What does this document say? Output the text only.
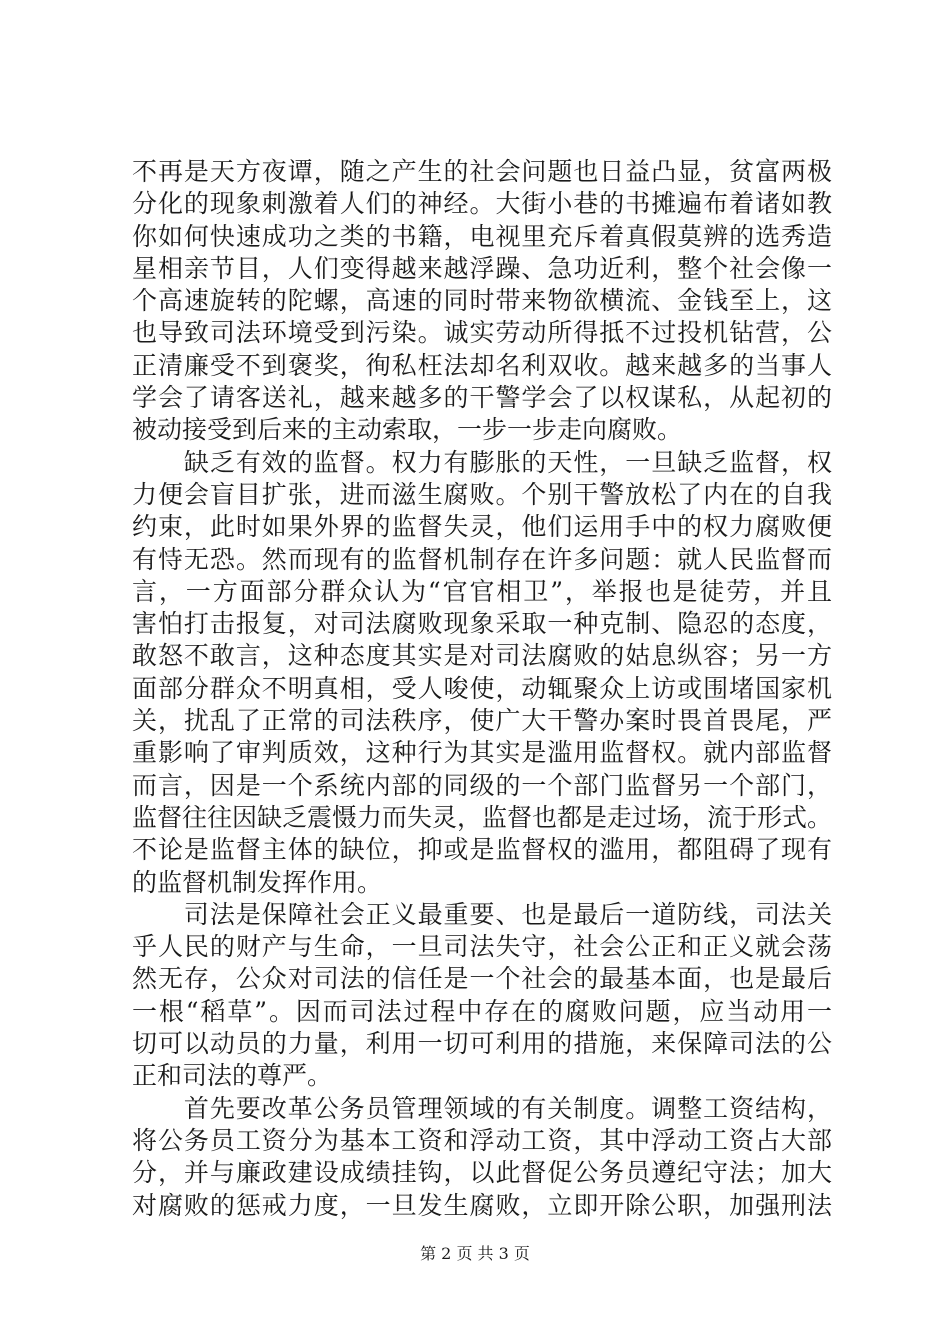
不再是天方夜谭，随之产生的社会问题也日益凸显，贫富两极
分化的现象刺激着人们的神经。大街小巷的书摊遍布着诸如教
你如何快速成功之类的书籍，电视里充斥着真假莫辨的选秀造
星相亲节目，人们变得越来越浮躁、急功近利，整个社会像一
个高速旋转的陀螺，高速的同时带来物欲横流、金钱至上，这
也导致司法环境受到污染。诚实劳动所得抵不过投机钻营，公
正清廉受不到褒奖，徇私枉法却名利双收。越来越多的当事人
学会了请客送礼，越来越多的干警学会了以权谋私，从起初的
被动接受到后来的主动索取，一步一步走向腐败。
　　缺乏有效的监督。权力有膨胀的天性，一旦缺乏监督，权
力便会盲目扩张，进而滋生腐败。个别干警放松了内在的自我
约束，此时如果外界的监督失灵，他们运用手中的权力腐败便
有恃无恐。然而现有的监督机制存在许多问题：就人民监督而
言，一方面部分群众认为“官官相卫”，举报也是徒劳，并且
害怕打击报复，对司法腐败现象采取一种克制、隐忍的态度，
敢怒不敢言，这种态度其实是对司法腐败的姑息纵容；另一方
面部分群众不明真相，受人唆使，动辄聚众上访或围堵国家机
关，扰乱了正常的司法秩序，使广大干警办案时畏首畏尾，严
重影响了审判质效，这种行为其实是滥用监督权。就内部监督
而言，因是一个系统内部的同级的一个部门监督另一个部门，
监督往往因缺乏震慑力而失灵，监督也都是走过场，流于形式。
不论是监督主体的缺位，抑或是监督权的滥用，都阻碍了现有
的监督机制发挥作用。
　　司法是保障社会正义最重要、也是最后一道防线，司法关
乎人民的财产与生命，一旦司法失守，社会公正和正义就会荡
然无存，公众对司法的信任是一个社会的最基本面，也是最后
一根“稻草”。因而司法过程中存在的腐败问题，应当动用一
切可以动员的力量，利用一切可利用的措施，来保障司法的公
正和司法的尊严。
　　首先要改革公务员管理领域的有关制度。调整工资结构，
将公务员工资分为基本工资和浮动工资，其中浮动工资占大部
分，并与廉政建设成绩挂钩，以此督促公务员遵纪守法；加大
对腐败的惩戒力度，一旦发生腐败，立即开除公职，加强刑法
第 2 页 共 3 页
